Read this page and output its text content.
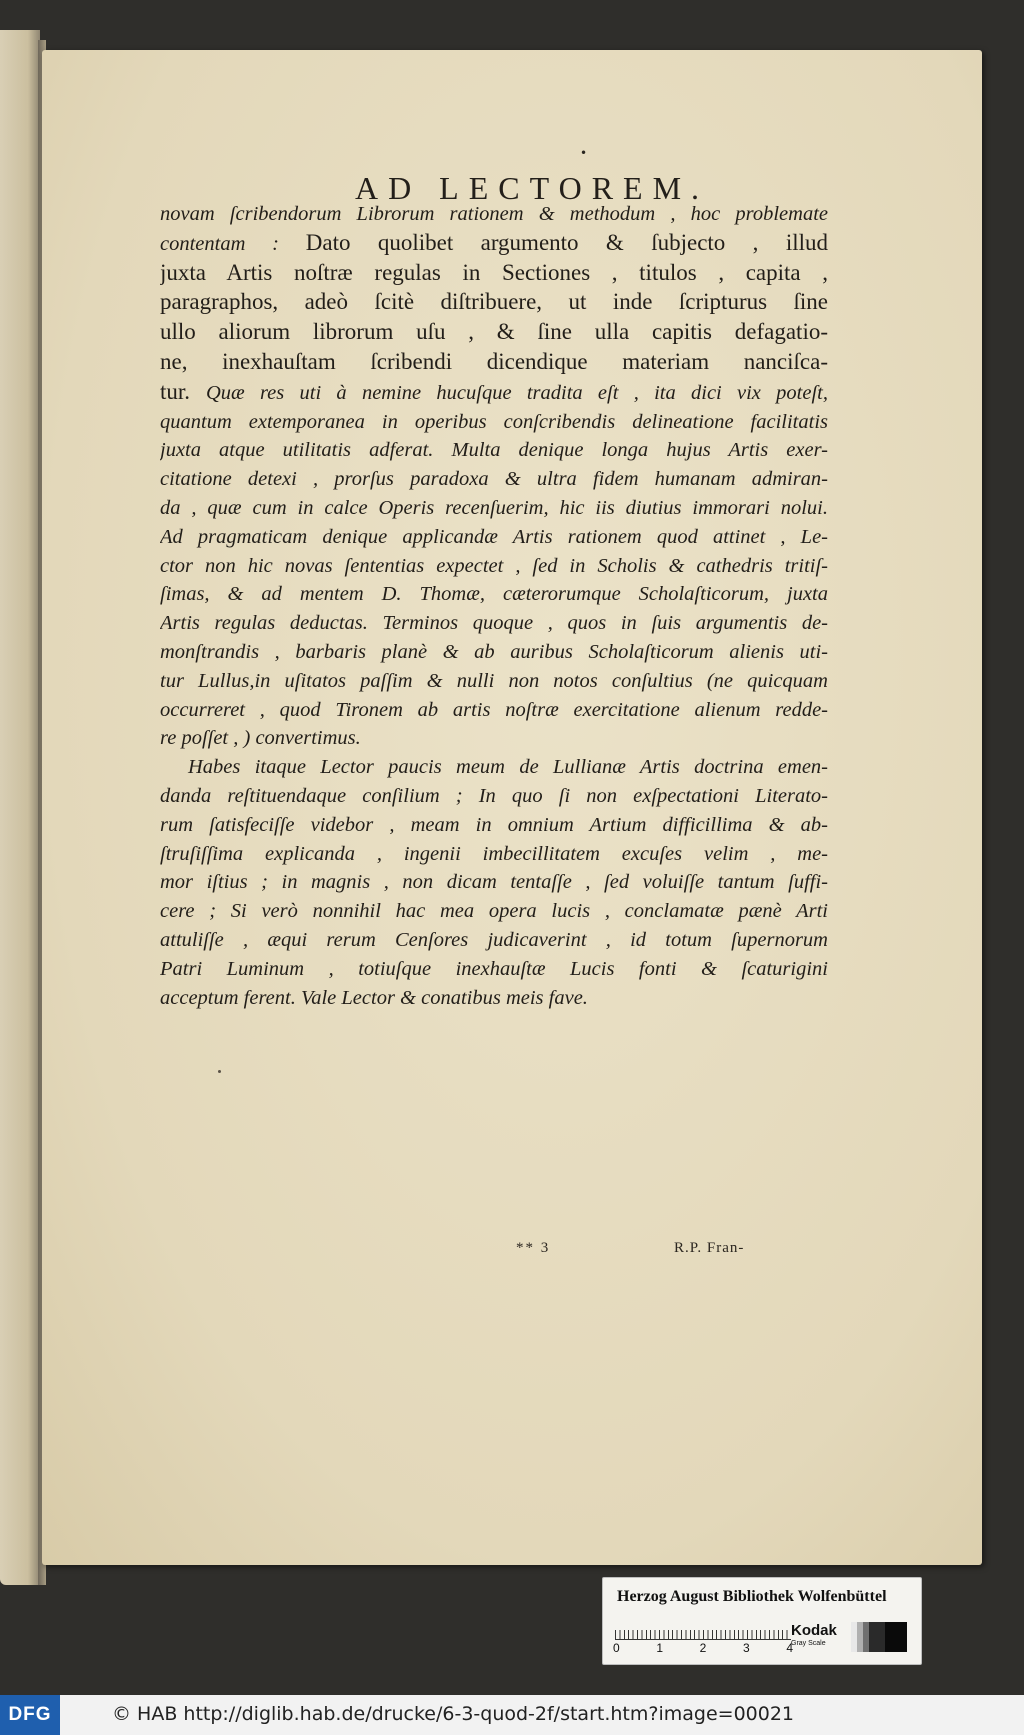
•
AD LECTOREM.
novam ſcribendorum Librorum rationem & methodum , hoc problemate
contentam : Dato quolibet argumento & ſubjecto , illud
juxta Artis noſtræ regulas in Sectiones , titulos , capita ,
paragraphos, adeò ſcitè diſtribuere, ut inde ſcripturus ſine
ullo aliorum librorum uſu , & ſine ulla capitis defagatio-
ne, inexhauſtam ſcribendi dicendique materiam nanciſca-
tur. Quæ res uti à nemine hucuſque tradita eſt , ita dici vix poteſt,
quantum extemporanea in operibus conſcribendis delineatione facilitatis
juxta atque utilitatis adferat. Multa denique longa hujus Artis exer-
citatione detexi , prorſus paradoxa & ultra fidem humanam admiran-
da , quæ cum in calce Operis recenſuerim, hic iis diutius immorari nolui.
Ad pragmaticam denique applicandæ Artis rationem quod attinet , Le-
ctor non hic novas ſententias expectet , ſed in Scholis & cathedris tritiſ-
ſimas, & ad mentem D. Thomæ, cæterorumque Scholaſticorum, juxta
Artis regulas deductas. Terminos quoque , quos in ſuis argumentis de-
monſtrandis , barbaris planè & ab auribus Scholaſticorum alienis uti-
tur Lullus,in uſitatos paſſim & nulli non notos conſultius (ne quicquam
occurreret , quod Tironem ab artis noſtræ exercitatione alienum redde-
re poſſet , ) convertimus.
Habes itaque Lector paucis meum de Lullianæ Artis doctrina emen-
danda reſtituendaque conſilium ; In quo ſi non exſpectationi Literato-
rum ſatisfeciſſe videbor , meam in omnium Artium difficillima & ab-
ſtruſiſſima explicanda , ingenii imbecillitatem excuſes velim , me-
mor iſtius ; in magnis , non dicam tentaſſe , ſed voluiſſe tantum ſuffi-
cere ; Si verò nonnihil hac mea opera lucis , conclamatæ pænè Arti
attuliſſe , æqui rerum Cenſores judicaverint , id totum ſupernorum
Patri Luminum , totiuſque inexhauſtæ Lucis fonti & ſcaturigini
acceptum ferent. Vale Lector & conatibus meis fave.
** 3	R.P. Fran-
Herzog August Bibliothek Wolfenbüttel
0	1	2	3	4
Kodak
Gray Scale
DFG	© HAB http://diglib.hab.de/drucke/6-3-quod-2f/start.htm?image=00021
